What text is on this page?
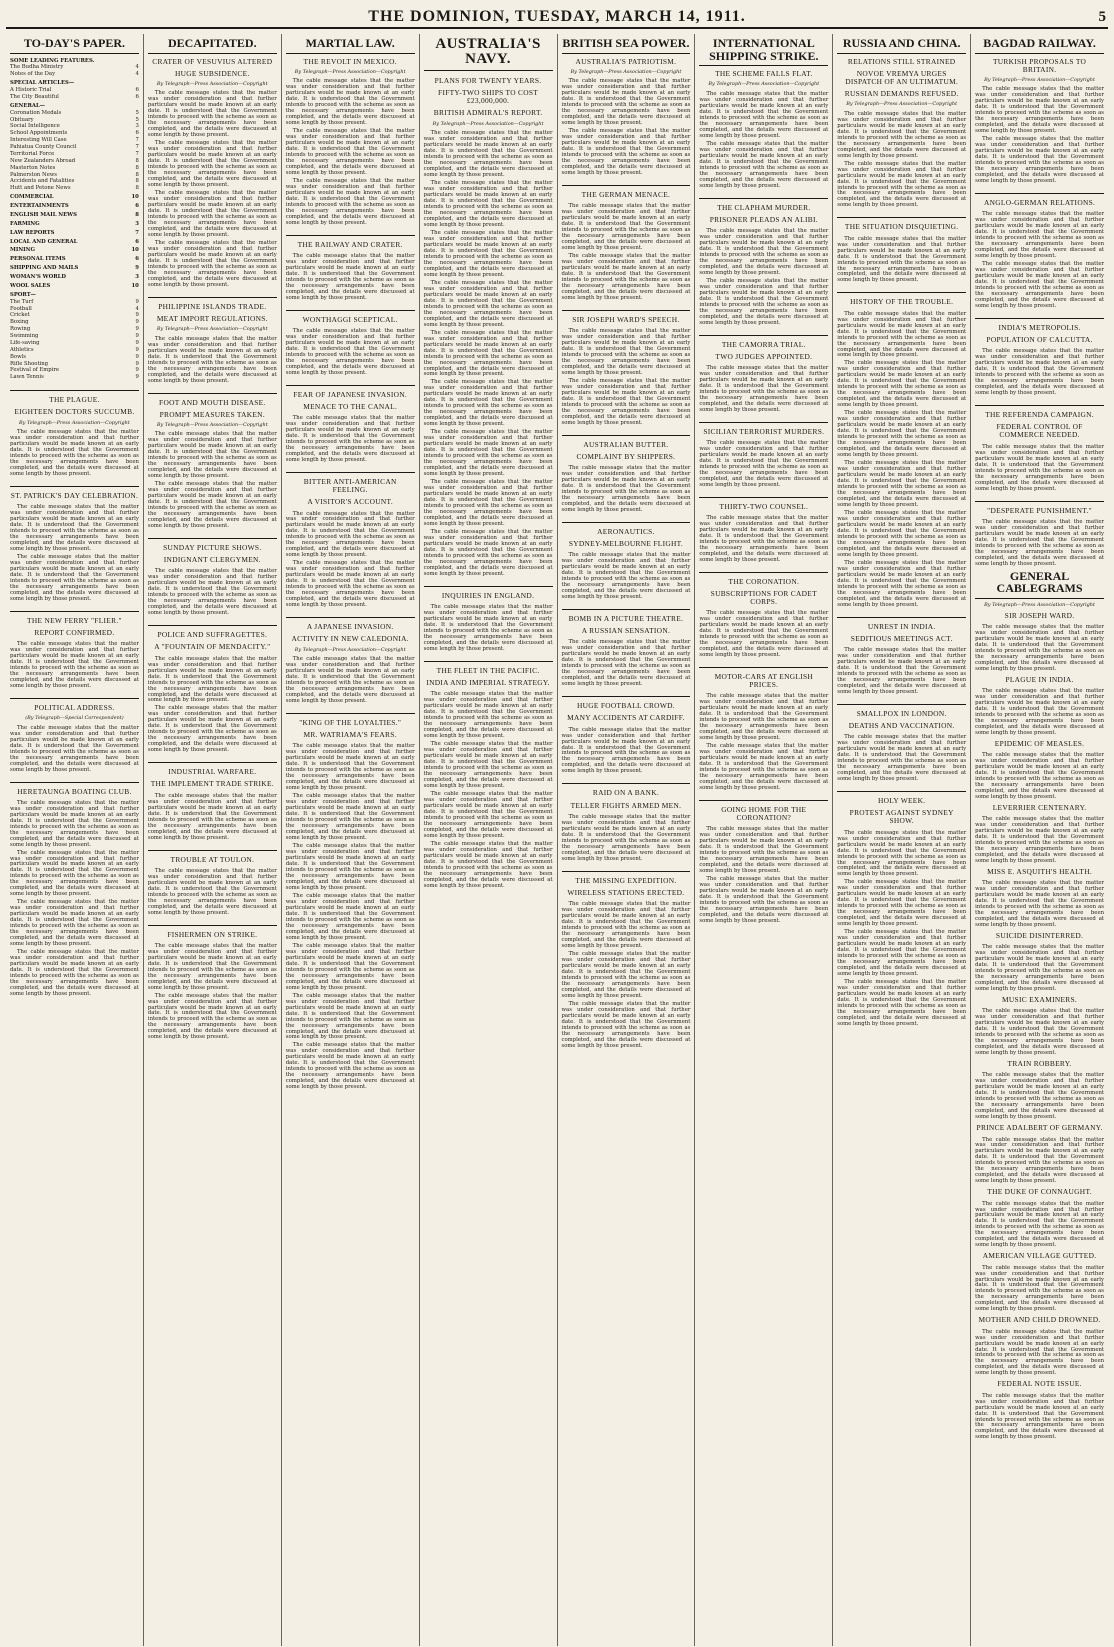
THE DOMINION, TUESDAY, MARCH 14, 1911.	5
TO-DAY'S PAPER.
SOME LEADING FEATURES.
The Budha Ministry	4
Notes of the Day	4
SPECIAL ARTICLES—
A Historic Trial	6
The City Beautiful	6
GENERAL—
Coronation Medals	5
Obituary	5
Social Intelligence	3
School Appointments	6
Interesting Will Case	7
Pahiatua County Council	7
Territorial Force	7
New Zealanders Abroad	8
Masterton Notes	8
Palmerston News	8
Accidents and Fatalities	8
Hutt and Petone News	8
COMMERCIAL	10
ENTERTAINMENTS	6
ENGLISH MAIL NEWS	8
FARMING	3
LAW REPORTS	7
LOCAL AND GENERAL	6
MINING	10
PERSONAL ITEMS	6
SHIPPING AND MAILS	9
WOMAN'S WORLD	3
WOOL SALES	10
SPORT—
The Turf	9
Football	4
Cricket	9
Boxing	9
Rowing	9
Swimming	9
Life-saving	9
Athletics	9
Bowls	9
Rifle Shooting	9
Festival of Empire	9
Lawn Tennis	9
THE PLAGUE.
EIGHTEEN DOCTORS SUCCUMB.
By Telegraph—Press Association—Copyright

The cable message states that the matter was under consideration and that further particulars would be made known at an early date. It is understood that the Government intends to proceed with the scheme as soon as the necessary arrangements have been completed, and the details were discussed at some length by those present.

ST. PATRICK'S DAY CELEBRATION.

The cable message states that the matter was under consideration and that further particulars would be made known at an early date. It is understood that the Government intends to proceed with the scheme as soon as the necessary arrangements have been completed, and the details were discussed at some length by those present.

The cable message states that the matter was under consideration and that further particulars would be made known at an early date. It is understood that the Government intends to proceed with the scheme as soon as the necessary arrangements have been completed, and the details were discussed at some length by those present.

THE NEW FERRY "FLIER."
REPORT CONFIRMED.

The cable message states that the matter was under consideration and that further particulars would be made known at an early date. It is understood that the Government intends to proceed with the scheme as soon as the necessary arrangements have been completed, and the details were discussed at some length by those present.

POLITICAL ADDRESS.
(By Telegraph—Special Correspondent)

The cable message states that the matter was under consideration and that further particulars would be made known at an early date. It is understood that the Government intends to proceed with the scheme as soon as the necessary arrangements have been completed, and the details were discussed at some length by those present.

HERETAUNGA BOATING CLUB.

The cable message states that the matter was under consideration and that further particulars would be made known at an early date. It is understood that the Government intends to proceed with the scheme as soon as the necessary arrangements have been completed, and the details were discussed at some length by those present.

The cable message states that the matter was under consideration and that further particulars would be made known at an early date. It is understood that the Government intends to proceed with the scheme as soon as the necessary arrangements have been completed, and the details were discussed at some length by those present.

The cable message states that the matter was under consideration and that further particulars would be made known at an early date. It is understood that the Government intends to proceed with the scheme as soon as the necessary arrangements have been completed, and the details were discussed at some length by those present.

The cable message states that the matter was under consideration and that further particulars would be made known at an early date. It is understood that the Government intends to proceed with the scheme as soon as the necessary arrangements have been completed, and the details were discussed at some length by those present.

DECAPITATED.
CRATER OF VESUVIUS ALTERED
HUGE SUBSIDENCE.
By Telegraph—Press Association—Copyright

The cable message states that the matter was under consideration and that further particulars would be made known at an early date. It is understood that the Government intends to proceed with the scheme as soon as the necessary arrangements have been completed, and the details were discussed at some length by those present.

The cable message states that the matter was under consideration and that further particulars would be made known at an early date. It is understood that the Government intends to proceed with the scheme as soon as the necessary arrangements have been completed, and the details were discussed at some length by those present.

The cable message states that the matter was under consideration and that further particulars would be made known at an early date. It is understood that the Government intends to proceed with the scheme as soon as the necessary arrangements have been completed, and the details were discussed at some length by those present.

The cable message states that the matter was under consideration and that further particulars would be made known at an early date. It is understood that the Government intends to proceed with the scheme as soon as the necessary arrangements have been completed, and the details were discussed at some length by those present.

PHILIPPINE ISLANDS TRADE.
MEAT IMPORT REGULATIONS.
By Telegraph—Press Association—Copyright

The cable message states that the matter was under consideration and that further particulars would be made known at an early date. It is understood that the Government intends to proceed with the scheme as soon as the necessary arrangements have been completed, and the details were discussed at some length by those present.

FOOT AND MOUTH DISEASE.
PROMPT MEASURES TAKEN.
By Telegraph—Press Association—Copyright

The cable message states that the matter was under consideration and that further particulars would be made known at an early date. It is understood that the Government intends to proceed with the scheme as soon as the necessary arrangements have been completed, and the details were discussed at some length by those present.

The cable message states that the matter was under consideration and that further particulars would be made known at an early date. It is understood that the Government intends to proceed with the scheme as soon as the necessary arrangements have been completed, and the details were discussed at some length by those present.

SUNDAY PICTURE SHOWS.
INDIGNANT CLERGYMEN.

The cable message states that the matter was under consideration and that further particulars would be made known at an early date. It is understood that the Government intends to proceed with the scheme as soon as the necessary arrangements have been completed, and the details were discussed at some length by those present.

POLICE AND SUFFRAGETTES.
A "FOUNTAIN OF MENDACITY."

The cable message states that the matter was under consideration and that further particulars would be made known at an early date. It is understood that the Government intends to proceed with the scheme as soon as the necessary arrangements have been completed, and the details were discussed at some length by those present.

The cable message states that the matter was under consideration and that further particulars would be made known at an early date. It is understood that the Government intends to proceed with the scheme as soon as the necessary arrangements have been completed, and the details were discussed at some length by those present.

INDUSTRIAL WARFARE.
THE IMPLEMENT TRADE STRIKE.

The cable message states that the matter was under consideration and that further particulars would be made known at an early date. It is understood that the Government intends to proceed with the scheme as soon as the necessary arrangements have been completed, and the details were discussed at some length by those present.

TROUBLE AT TOULON.

The cable message states that the matter was under consideration and that further particulars would be made known at an early date. It is understood that the Government intends to proceed with the scheme as soon as the necessary arrangements have been completed, and the details were discussed at some length by those present.

FISHERMEN ON STRIKE.

The cable message states that the matter was under consideration and that further particulars would be made known at an early date. It is understood that the Government intends to proceed with the scheme as soon as the necessary arrangements have been completed, and the details were discussed at some length by those present.

The cable message states that the matter was under consideration and that further particulars would be made known at an early date. It is understood that the Government intends to proceed with the scheme as soon as the necessary arrangements have been completed, and the details were discussed at some length by those present.

MARTIAL LAW.
THE REVOLT IN MEXICO.
By Telegraph—Press Association—Copyright

The cable message states that the matter was under consideration and that further particulars would be made known at an early date. It is understood that the Government intends to proceed with the scheme as soon as the necessary arrangements have been completed, and the details were discussed at some length by those present.

The cable message states that the matter was under consideration and that further particulars would be made known at an early date. It is understood that the Government intends to proceed with the scheme as soon as the necessary arrangements have been completed, and the details were discussed at some length by those present.

The cable message states that the matter was under consideration and that further particulars would be made known at an early date. It is understood that the Government intends to proceed with the scheme as soon as the necessary arrangements have been completed, and the details were discussed at some length by those present.

THE RAILWAY AND CRATER.

The cable message states that the matter was under consideration and that further particulars would be made known at an early date. It is understood that the Government intends to proceed with the scheme as soon as the necessary arrangements have been completed, and the details were discussed at some length by those present.

WONTHAGGI SCEPTICAL.

The cable message states that the matter was under consideration and that further particulars would be made known at an early date. It is understood that the Government intends to proceed with the scheme as soon as the necessary arrangements have been completed, and the details were discussed at some length by those present.

FEAR OF JAPANESE INVASION.
MENACE TO THE CANAL.

The cable message states that the matter was under consideration and that further particulars would be made known at an early date. It is understood that the Government intends to proceed with the scheme as soon as the necessary arrangements have been completed, and the details were discussed at some length by those present.

BITTER ANTI-AMERICAN FEELING.
A VISITOR'S ACCOUNT.

The cable message states that the matter was under consideration and that further particulars would be made known at an early date. It is understood that the Government intends to proceed with the scheme as soon as the necessary arrangements have been completed, and the details were discussed at some length by those present.

The cable message states that the matter was under consideration and that further particulars would be made known at an early date. It is understood that the Government intends to proceed with the scheme as soon as the necessary arrangements have been completed, and the details were discussed at some length by those present.

A JAPANESE INVASION.
ACTIVITY IN NEW CALEDONIA.
By Telegraph—Press Association—Copyright

The cable message states that the matter was under consideration and that further particulars would be made known at an early date. It is understood that the Government intends to proceed with the scheme as soon as the necessary arrangements have been completed, and the details were discussed at some length by those present.

"KING OF THE LOYALTIES."
MR. WATRIAMA'S FEARS.

The cable message states that the matter was under consideration and that further particulars would be made known at an early date. It is understood that the Government intends to proceed with the scheme as soon as the necessary arrangements have been completed, and the details were discussed at some length by those present.

The cable message states that the matter was under consideration and that further particulars would be made known at an early date. It is understood that the Government intends to proceed with the scheme as soon as the necessary arrangements have been completed, and the details were discussed at some length by those present.

The cable message states that the matter was under consideration and that further particulars would be made known at an early date. It is understood that the Government intends to proceed with the scheme as soon as the necessary arrangements have been completed, and the details were discussed at some length by those present.

The cable message states that the matter was under consideration and that further particulars would be made known at an early date. It is understood that the Government intends to proceed with the scheme as soon as the necessary arrangements have been completed, and the details were discussed at some length by those present.

The cable message states that the matter was under consideration and that further particulars would be made known at an early date. It is understood that the Government intends to proceed with the scheme as soon as the necessary arrangements have been completed, and the details were discussed at some length by those present.

The cable message states that the matter was under consideration and that further particulars would be made known at an early date. It is understood that the Government intends to proceed with the scheme as soon as the necessary arrangements have been completed, and the details were discussed at some length by those present.

The cable message states that the matter was under consideration and that further particulars would be made known at an early date. It is understood that the Government intends to proceed with the scheme as soon as the necessary arrangements have been completed, and the details were discussed at some length by those present.

AUSTRALIA'S NAVY.
PLANS FOR TWENTY YEARS.
FIFTY-TWO SHIPS TO COST £23,000,000.
BRITISH ADMIRAL'S REPORT.
By Telegraph—Press Association—Copyright

The cable message states that the matter was under consideration and that further particulars would be made known at an early date. It is understood that the Government intends to proceed with the scheme as soon as the necessary arrangements have been completed, and the details were discussed at some length by those present.

The cable message states that the matter was under consideration and that further particulars would be made known at an early date. It is understood that the Government intends to proceed with the scheme as soon as the necessary arrangements have been completed, and the details were discussed at some length by those present.

The cable message states that the matter was under consideration and that further particulars would be made known at an early date. It is understood that the Government intends to proceed with the scheme as soon as the necessary arrangements have been completed, and the details were discussed at some length by those present.

The cable message states that the matter was under consideration and that further particulars would be made known at an early date. It is understood that the Government intends to proceed with the scheme as soon as the necessary arrangements have been completed, and the details were discussed at some length by those present.

The cable message states that the matter was under consideration and that further particulars would be made known at an early date. It is understood that the Government intends to proceed with the scheme as soon as the necessary arrangements have been completed, and the details were discussed at some length by those present.

The cable message states that the matter was under consideration and that further particulars would be made known at an early date. It is understood that the Government intends to proceed with the scheme as soon as the necessary arrangements have been completed, and the details were discussed at some length by those present.

The cable message states that the matter was under consideration and that further particulars would be made known at an early date. It is understood that the Government intends to proceed with the scheme as soon as the necessary arrangements have been completed, and the details were discussed at some length by those present.

The cable message states that the matter was under consideration and that further particulars would be made known at an early date. It is understood that the Government intends to proceed with the scheme as soon as the necessary arrangements have been completed, and the details were discussed at some length by those present.

The cable message states that the matter was under consideration and that further particulars would be made known at an early date. It is understood that the Government intends to proceed with the scheme as soon as the necessary arrangements have been completed, and the details were discussed at some length by those present.

INQUIRIES IN ENGLAND.

The cable message states that the matter was under consideration and that further particulars would be made known at an early date. It is understood that the Government intends to proceed with the scheme as soon as the necessary arrangements have been completed, and the details were discussed at some length by those present.

THE FLEET IN THE PACIFIC.
INDIA AND IMPERIAL STRATEGY.

The cable message states that the matter was under consideration and that further particulars would be made known at an early date. It is understood that the Government intends to proceed with the scheme as soon as the necessary arrangements have been completed, and the details were discussed at some length by those present.

The cable message states that the matter was under consideration and that further particulars would be made known at an early date. It is understood that the Government intends to proceed with the scheme as soon as the necessary arrangements have been completed, and the details were discussed at some length by those present.

The cable message states that the matter was under consideration and that further particulars would be made known at an early date. It is understood that the Government intends to proceed with the scheme as soon as the necessary arrangements have been completed, and the details were discussed at some length by those present.

The cable message states that the matter was under consideration and that further particulars would be made known at an early date. It is understood that the Government intends to proceed with the scheme as soon as the necessary arrangements have been completed, and the details were discussed at some length by those present.

BRITISH SEA POWER.
AUSTRALIA'S PATRIOTISM.
By Telegraph—Press Association—Copyright

The cable message states that the matter was under consideration and that further particulars would be made known at an early date. It is understood that the Government intends to proceed with the scheme as soon as the necessary arrangements have been completed, and the details were discussed at some length by those present.

The cable message states that the matter was under consideration and that further particulars would be made known at an early date. It is understood that the Government intends to proceed with the scheme as soon as the necessary arrangements have been completed, and the details were discussed at some length by those present.

THE GERMAN MENACE.

The cable message states that the matter was under consideration and that further particulars would be made known at an early date. It is understood that the Government intends to proceed with the scheme as soon as the necessary arrangements have been completed, and the details were discussed at some length by those present.

The cable message states that the matter was under consideration and that further particulars would be made known at an early date. It is understood that the Government intends to proceed with the scheme as soon as the necessary arrangements have been completed, and the details were discussed at some length by those present.

SIR JOSEPH WARD'S SPEECH.

The cable message states that the matter was under consideration and that further particulars would be made known at an early date. It is understood that the Government intends to proceed with the scheme as soon as the necessary arrangements have been completed, and the details were discussed at some length by those present.

The cable message states that the matter was under consideration and that further particulars would be made known at an early date. It is understood that the Government intends to proceed with the scheme as soon as the necessary arrangements have been completed, and the details were discussed at some length by those present.

AUSTRALIAN BUTTER.
COMPLAINT BY SHIPPERS.

The cable message states that the matter was under consideration and that further particulars would be made known at an early date. It is understood that the Government intends to proceed with the scheme as soon as the necessary arrangements have been completed, and the details were discussed at some length by those present.

AERONAUTICS.
SYDNEY-MELBOURNE FLIGHT.

The cable message states that the matter was under consideration and that further particulars would be made known at an early date. It is understood that the Government intends to proceed with the scheme as soon as the necessary arrangements have been completed, and the details were discussed at some length by those present.

BOMB IN A PICTURE THEATRE.
A RUSSIAN SENSATION.

The cable message states that the matter was under consideration and that further particulars would be made known at an early date. It is understood that the Government intends to proceed with the scheme as soon as the necessary arrangements have been completed, and the details were discussed at some length by those present.

HUGE FOOTBALL CROWD.
MANY ACCIDENTS AT CARDIFF.

The cable message states that the matter was under consideration and that further particulars would be made known at an early date. It is understood that the Government intends to proceed with the scheme as soon as the necessary arrangements have been completed, and the details were discussed at some length by those present.

RAID ON A BANK.
TELLER FIGHTS ARMED MEN.

The cable message states that the matter was under consideration and that further particulars would be made known at an early date. It is understood that the Government intends to proceed with the scheme as soon as the necessary arrangements have been completed, and the details were discussed at some length by those present.

THE MISSING EXPEDITION.
WIRELESS STATIONS ERECTED.

The cable message states that the matter was under consideration and that further particulars would be made known at an early date. It is understood that the Government intends to proceed with the scheme as soon as the necessary arrangements have been completed, and the details were discussed at some length by those present.

The cable message states that the matter was under consideration and that further particulars would be made known at an early date. It is understood that the Government intends to proceed with the scheme as soon as the necessary arrangements have been completed, and the details were discussed at some length by those present.

The cable message states that the matter was under consideration and that further particulars would be made known at an early date. It is understood that the Government intends to proceed with the scheme as soon as the necessary arrangements have been completed, and the details were discussed at some length by those present.

INTERNATIONAL SHIPPING STRIKE.
THE SCHEME FALLS FLAT.
By Telegraph—Press Association—Copyright

The cable message states that the matter was under consideration and that further particulars would be made known at an early date. It is understood that the Government intends to proceed with the scheme as soon as the necessary arrangements have been completed, and the details were discussed at some length by those present.

The cable message states that the matter was under consideration and that further particulars would be made known at an early date. It is understood that the Government intends to proceed with the scheme as soon as the necessary arrangements have been completed, and the details were discussed at some length by those present.

THE CLAPHAM MURDER.
PRISONER PLEADS AN ALIBI.

The cable message states that the matter was under consideration and that further particulars would be made known at an early date. It is understood that the Government intends to proceed with the scheme as soon as the necessary arrangements have been completed, and the details were discussed at some length by those present.

The cable message states that the matter was under consideration and that further particulars would be made known at an early date. It is understood that the Government intends to proceed with the scheme as soon as the necessary arrangements have been completed, and the details were discussed at some length by those present.

THE CAMORRA TRIAL.
TWO JUDGES APPOINTED.

The cable message states that the matter was under consideration and that further particulars would be made known at an early date. It is understood that the Government intends to proceed with the scheme as soon as the necessary arrangements have been completed, and the details were discussed at some length by those present.

SICILIAN TERRORIST MURDERS.

The cable message states that the matter was under consideration and that further particulars would be made known at an early date. It is understood that the Government intends to proceed with the scheme as soon as the necessary arrangements have been completed, and the details were discussed at some length by those present.

THIRTY-TWO COUNSEL.

The cable message states that the matter was under consideration and that further particulars would be made known at an early date. It is understood that the Government intends to proceed with the scheme as soon as the necessary arrangements have been completed, and the details were discussed at some length by those present.

THE CORONATION.
SUBSCRIPTIONS FOR CADET CORPS.

The cable message states that the matter was under consideration and that further particulars would be made known at an early date. It is understood that the Government intends to proceed with the scheme as soon as the necessary arrangements have been completed, and the details were discussed at some length by those present.

MOTOR-CARS AT ENGLISH PRICES.

The cable message states that the matter was under consideration and that further particulars would be made known at an early date. It is understood that the Government intends to proceed with the scheme as soon as the necessary arrangements have been completed, and the details were discussed at some length by those present.

The cable message states that the matter was under consideration and that further particulars would be made known at an early date. It is understood that the Government intends to proceed with the scheme as soon as the necessary arrangements have been completed, and the details were discussed at some length by those present.

GOING HOME FOR THE CORONATION?

The cable message states that the matter was under consideration and that further particulars would be made known at an early date. It is understood that the Government intends to proceed with the scheme as soon as the necessary arrangements have been completed, and the details were discussed at some length by those present.

The cable message states that the matter was under consideration and that further particulars would be made known at an early date. It is understood that the Government intends to proceed with the scheme as soon as the necessary arrangements have been completed, and the details were discussed at some length by those present.

RUSSIA AND CHINA.
RELATIONS STILL STRAINED
NOVOE VREMYA URGES DISPATCH OF AN ULTIMATUM.
RUSSIAN DEMANDS REFUSED.
By Telegraph—Press Association—Copyright

The cable message states that the matter was under consideration and that further particulars would be made known at an early date. It is understood that the Government intends to proceed with the scheme as soon as the necessary arrangements have been completed, and the details were discussed at some length by those present.

The cable message states that the matter was under consideration and that further particulars would be made known at an early date. It is understood that the Government intends to proceed with the scheme as soon as the necessary arrangements have been completed, and the details were discussed at some length by those present.

THE SITUATION DISQUIETING.

The cable message states that the matter was under consideration and that further particulars would be made known at an early date. It is understood that the Government intends to proceed with the scheme as soon as the necessary arrangements have been completed, and the details were discussed at some length by those present.

HISTORY OF THE TROUBLE.

The cable message states that the matter was under consideration and that further particulars would be made known at an early date. It is understood that the Government intends to proceed with the scheme as soon as the necessary arrangements have been completed, and the details were discussed at some length by those present.

The cable message states that the matter was under consideration and that further particulars would be made known at an early date. It is understood that the Government intends to proceed with the scheme as soon as the necessary arrangements have been completed, and the details were discussed at some length by those present.

The cable message states that the matter was under consideration and that further particulars would be made known at an early date. It is understood that the Government intends to proceed with the scheme as soon as the necessary arrangements have been completed, and the details were discussed at some length by those present.

The cable message states that the matter was under consideration and that further particulars would be made known at an early date. It is understood that the Government intends to proceed with the scheme as soon as the necessary arrangements have been completed, and the details were discussed at some length by those present.

The cable message states that the matter was under consideration and that further particulars would be made known at an early date. It is understood that the Government intends to proceed with the scheme as soon as the necessary arrangements have been completed, and the details were discussed at some length by those present.

The cable message states that the matter was under consideration and that further particulars would be made known at an early date. It is understood that the Government intends to proceed with the scheme as soon as the necessary arrangements have been completed, and the details were discussed at some length by those present.

UNREST IN INDIA.
SEDITIOUS MEETINGS ACT.

The cable message states that the matter was under consideration and that further particulars would be made known at an early date. It is understood that the Government intends to proceed with the scheme as soon as the necessary arrangements have been completed, and the details were discussed at some length by those present.

SMALLPOX IN LONDON.
DEATHS AND VACCINATION.

The cable message states that the matter was under consideration and that further particulars would be made known at an early date. It is understood that the Government intends to proceed with the scheme as soon as the necessary arrangements have been completed, and the details were discussed at some length by those present.

HOLY WEEK.
PROTEST AGAINST SYDNEY SHOW.

The cable message states that the matter was under consideration and that further particulars would be made known at an early date. It is understood that the Government intends to proceed with the scheme as soon as the necessary arrangements have been completed, and the details were discussed at some length by those present.

The cable message states that the matter was under consideration and that further particulars would be made known at an early date. It is understood that the Government intends to proceed with the scheme as soon as the necessary arrangements have been completed, and the details were discussed at some length by those present.

The cable message states that the matter was under consideration and that further particulars would be made known at an early date. It is understood that the Government intends to proceed with the scheme as soon as the necessary arrangements have been completed, and the details were discussed at some length by those present.

The cable message states that the matter was under consideration and that further particulars would be made known at an early date. It is understood that the Government intends to proceed with the scheme as soon as the necessary arrangements have been completed, and the details were discussed at some length by those present.

BAGDAD RAILWAY.
TURKISH PROPOSALS TO BRITAIN.
By Telegraph—Press Association—Copyright

The cable message states that the matter was under consideration and that further particulars would be made known at an early date. It is understood that the Government intends to proceed with the scheme as soon as the necessary arrangements have been completed, and the details were discussed at some length by those present.

The cable message states that the matter was under consideration and that further particulars would be made known at an early date. It is understood that the Government intends to proceed with the scheme as soon as the necessary arrangements have been completed, and the details were discussed at some length by those present.

ANGLO-GERMAN RELATIONS.

The cable message states that the matter was under consideration and that further particulars would be made known at an early date. It is understood that the Government intends to proceed with the scheme as soon as the necessary arrangements have been completed, and the details were discussed at some length by those present.

The cable message states that the matter was under consideration and that further particulars would be made known at an early date. It is understood that the Government intends to proceed with the scheme as soon as the necessary arrangements have been completed, and the details were discussed at some length by those present.

INDIA'S METROPOLIS.
POPULATION OF CALCUTTA.

The cable message states that the matter was under consideration and that further particulars would be made known at an early date. It is understood that the Government intends to proceed with the scheme as soon as the necessary arrangements have been completed, and the details were discussed at some length by those present.

THE REFERENDA CAMPAIGN.
FEDERAL CONTROL OF COMMERCE NEEDED.

The cable message states that the matter was under consideration and that further particulars would be made known at an early date. It is understood that the Government intends to proceed with the scheme as soon as the necessary arrangements have been completed, and the details were discussed at some length by those present.

"DESPERATE PUNISHMENT."

The cable message states that the matter was under consideration and that further particulars would be made known at an early date. It is understood that the Government intends to proceed with the scheme as soon as the necessary arrangements have been completed, and the details were discussed at some length by those present.

GENERAL CABLEGRAMS
By Telegraph—Press Association—Copyright
SIR JOSEPH WARD.

The cable message states that the matter was under consideration and that further particulars would be made known at an early date. It is understood that the Government intends to proceed with the scheme as soon as the necessary arrangements have been completed, and the details were discussed at some length by those present.

PLAGUE IN INDIA.

The cable message states that the matter was under consideration and that further particulars would be made known at an early date. It is understood that the Government intends to proceed with the scheme as soon as the necessary arrangements have been completed, and the details were discussed at some length by those present.

EPIDEMIC OF MEASLES.

The cable message states that the matter was under consideration and that further particulars would be made known at an early date. It is understood that the Government intends to proceed with the scheme as soon as the necessary arrangements have been completed, and the details were discussed at some length by those present.

LEVERRIER CENTENARY.

The cable message states that the matter was under consideration and that further particulars would be made known at an early date. It is understood that the Government intends to proceed with the scheme as soon as the necessary arrangements have been completed, and the details were discussed at some length by those present.

MISS E. ASQUITH'S HEALTH.

The cable message states that the matter was under consideration and that further particulars would be made known at an early date. It is understood that the Government intends to proceed with the scheme as soon as the necessary arrangements have been completed, and the details were discussed at some length by those present.

SUICIDE DISINTERRED.

The cable message states that the matter was under consideration and that further particulars would be made known at an early date. It is understood that the Government intends to proceed with the scheme as soon as the necessary arrangements have been completed, and the details were discussed at some length by those present.

MUSIC EXAMINERS.

The cable message states that the matter was under consideration and that further particulars would be made known at an early date. It is understood that the Government intends to proceed with the scheme as soon as the necessary arrangements have been completed, and the details were discussed at some length by those present.

TRAIN ROBBERY.

The cable message states that the matter was under consideration and that further particulars would be made known at an early date. It is understood that the Government intends to proceed with the scheme as soon as the necessary arrangements have been completed, and the details were discussed at some length by those present.

PRINCE ADALBERT OF GERMANY.

The cable message states that the matter was under consideration and that further particulars would be made known at an early date. It is understood that the Government intends to proceed with the scheme as soon as the necessary arrangements have been completed, and the details were discussed at some length by those present.

THE DUKE OF CONNAUGHT.

The cable message states that the matter was under consideration and that further particulars would be made known at an early date. It is understood that the Government intends to proceed with the scheme as soon as the necessary arrangements have been completed, and the details were discussed at some length by those present.

AMERICAN VILLAGE GUTTED.

The cable message states that the matter was under consideration and that further particulars would be made known at an early date. It is understood that the Government intends to proceed with the scheme as soon as the necessary arrangements have been completed, and the details were discussed at some length by those present.

MOTHER AND CHILD DROWNED.

The cable message states that the matter was under consideration and that further particulars would be made known at an early date. It is understood that the Government intends to proceed with the scheme as soon as the necessary arrangements have been completed, and the details were discussed at some length by those present.

FEDERAL NOTE ISSUE.

The cable message states that the matter was under consideration and that further particulars would be made known at an early date. It is understood that the Government intends to proceed with the scheme as soon as the necessary arrangements have been completed, and the details were discussed at some length by those present.
